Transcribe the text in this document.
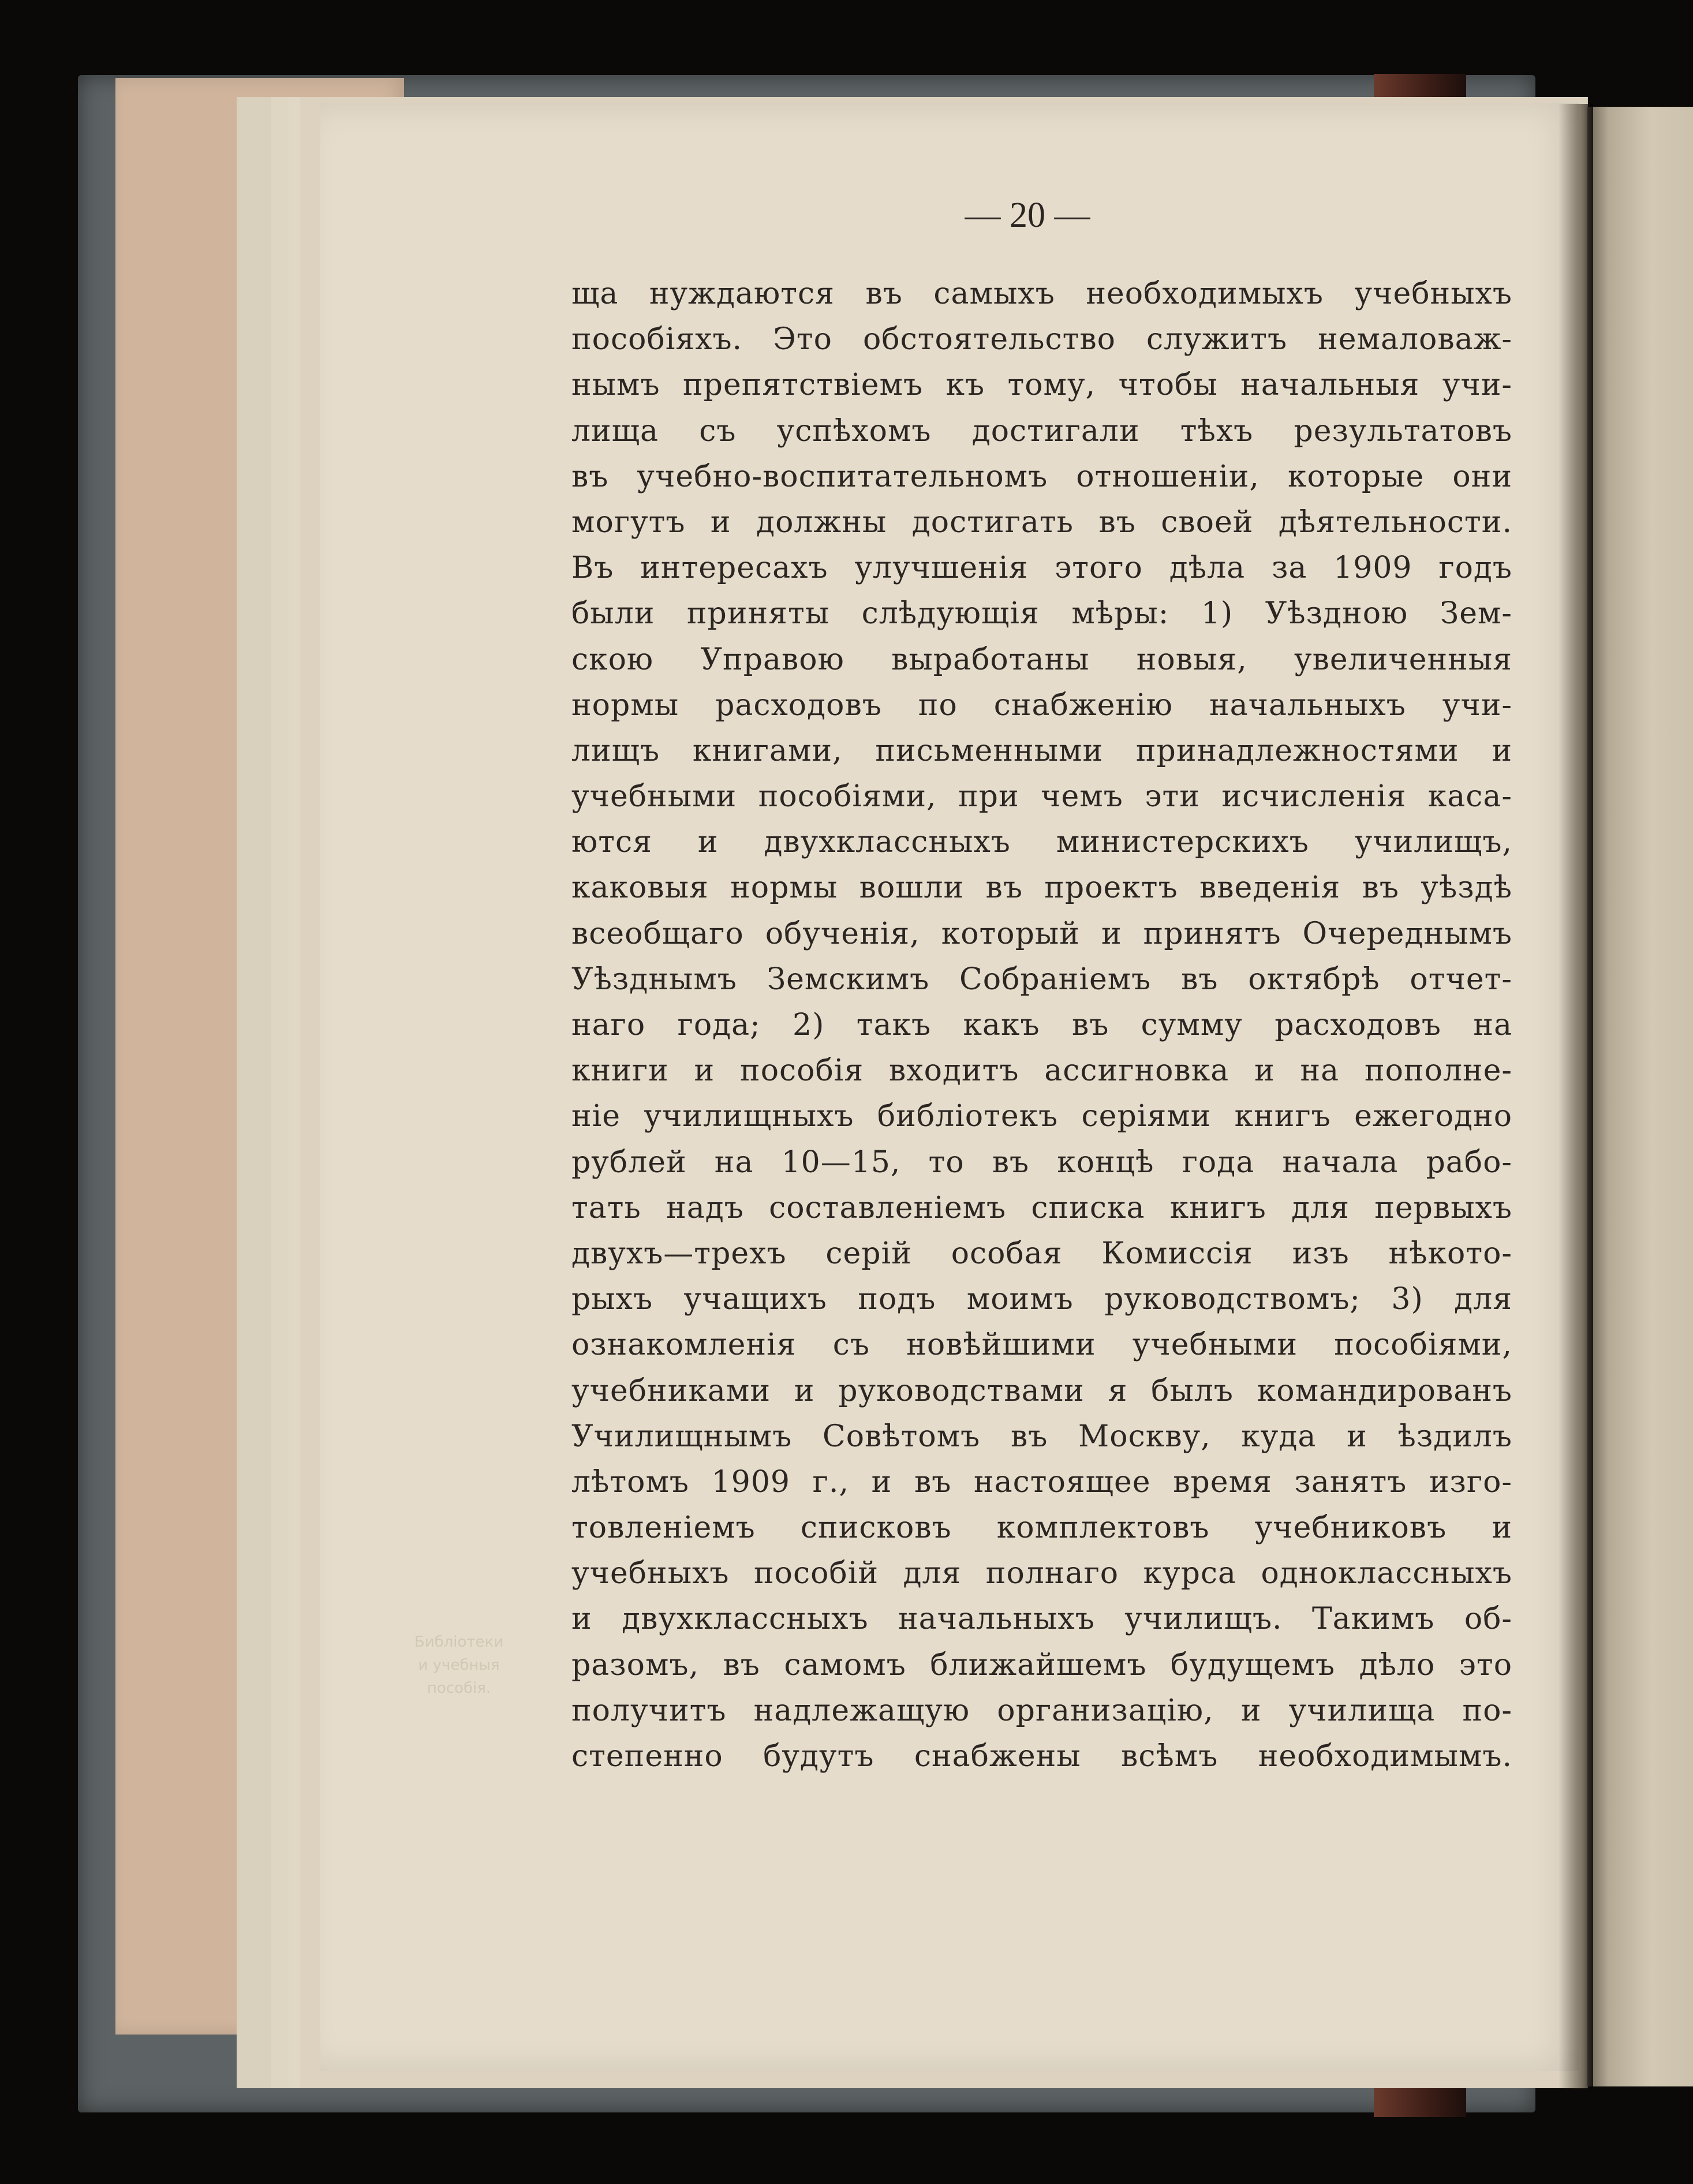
— 20 —
Библіотеки
и учебныя
пособія.
ща нуждаются въ самыхъ необходимыхъ учебныхъ
пособіяхъ. Это обстоятельство служитъ немаловаж-
нымъ препятствіемъ къ тому, чтобы начальныя учи-
лища съ успѣхомъ достигали тѣхъ результатовъ
въ учебно-воспитательномъ отношеніи, которые они
могутъ и должны достигать въ своей дѣятельности.
Въ интересахъ улучшенія этого дѣла за 1909 годъ
были приняты слѣдующія мѣры: 1) Уѣздною Зем-
скою Управою выработаны новыя, увеличенныя
нормы расходовъ по снабженію начальныхъ учи-
лищъ книгами, письменными принадлежностями и
учебными пособіями, при чемъ эти исчисленія каса-
ются и двухклассныхъ министерскихъ училищъ,
каковыя нормы вошли въ проектъ введенія въ уѣздѣ
всеобщаго обученія, который и принятъ Очереднымъ
Уѣзднымъ Земскимъ Собраніемъ въ октябрѣ отчет-
наго года; 2) такъ какъ въ сумму расходовъ на
книги и пособія входитъ ассигновка и на пополне-
ніе училищныхъ библіотекъ серіями книгъ ежегодно
рублей на 10—15, то въ концѣ года начала рабо-
тать надъ составленіемъ списка книгъ для первыхъ
двухъ—трехъ серій особая Комиссія изъ нѣкото-
рыхъ учащихъ подъ моимъ руководствомъ; 3) для
ознакомленія съ новѣйшими учебными пособіями,
учебниками и руководствами я былъ командированъ
Училищнымъ Совѣтомъ въ Москву, куда и ѣздилъ
лѣтомъ 1909 г., и въ настоящее время занятъ изго-
товленіемъ списковъ комплектовъ учебниковъ и
учебныхъ пособій для полнаго курса одноклассныхъ
и двухклассныхъ начальныхъ училищъ. Такимъ об-
разомъ, въ самомъ ближайшемъ будущемъ дѣло это
получитъ надлежащую организацію, и училища по-
степенно будутъ снабжены всѣмъ необходимымъ.
